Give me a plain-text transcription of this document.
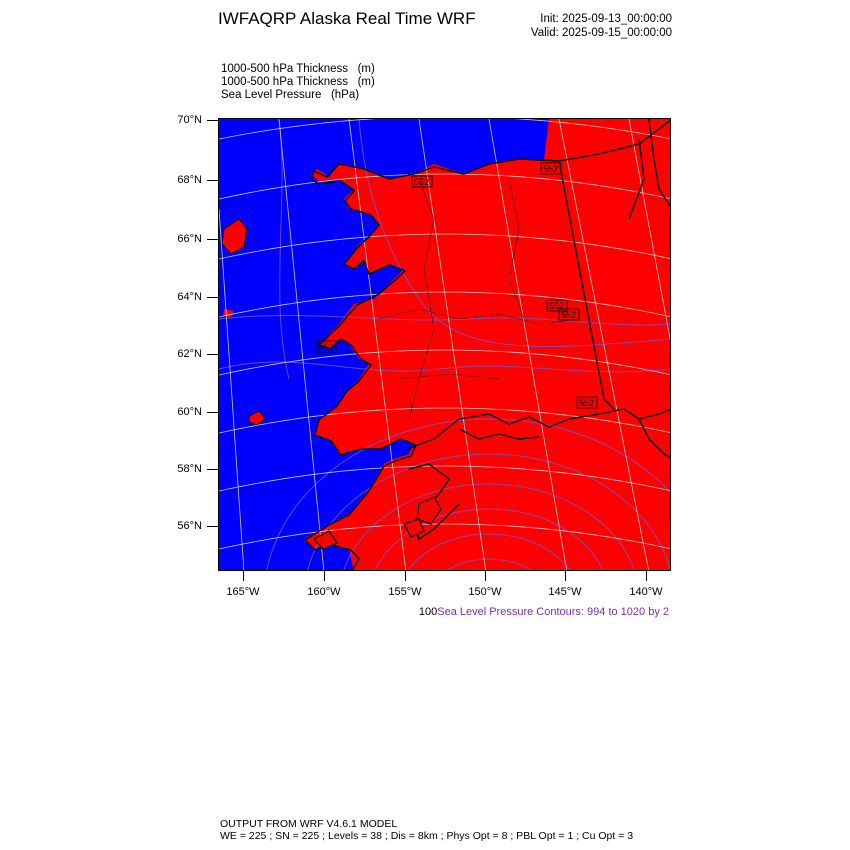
IWFAQRP Alaska Real Time WRF	Init: 2025-09-13_00:00:00
Valid: 2025-09-15_00:00:00
1000-500 hPa Thickness   (m)
1000-500 hPa Thickness   (m)
Sea Level Pressure   (hPa)
552
552
552
552
552
552
70°N
68°N
66°N
64°N
62°N
60°N
58°N
56°N
165°W	160°W	155°W	150°W	145°W	140°W
100Sea Level Pressure Contours: 994 to 1020 by 2
OUTPUT FROM WRF V4.6.1 MODEL
WE = 225 ; SN = 225 ; Levels = 38 ; Dis = 8km ; Phys Opt = 8 ; PBL Opt = 1 ; Cu Opt = 3
